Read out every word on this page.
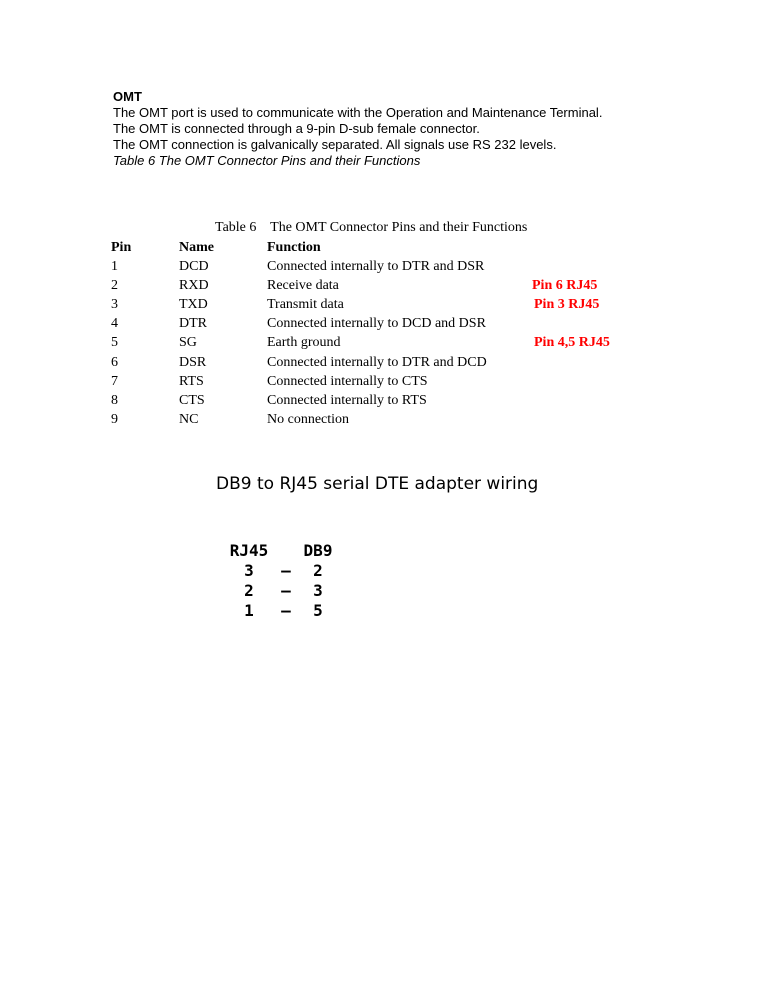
OMT
The OMT port is used to communicate with the Operation and Maintenance Terminal.
The OMT is connected through a 9-pin D-sub female connector.
The OMT connection is galvanically separated. All signals use RS 232 levels.
Table 6 The OMT Connector Pins and their Functions
Table 6    The OMT Connector Pins and their Functions
Pin	Name	Function
1	DCD	Connected internally to DTR and DSR
2	RXD	Receive data	Pin 6 RJ45
3	TXD	Transmit data	Pin 3 RJ45
4	DTR	Connected internally to DCD and DSR
5	SG	Earth ground	Pin 4,5 RJ45
6	DSR	Connected internally to DTR and DCD
7	RTS	Connected internally to CTS
8	CTS	Connected internally to RTS
9	NC	No connection
DB9 to RJ45 serial DTE adapter wiring
RJ45 DB9
3	—	2
2	—	3
1	—	5
